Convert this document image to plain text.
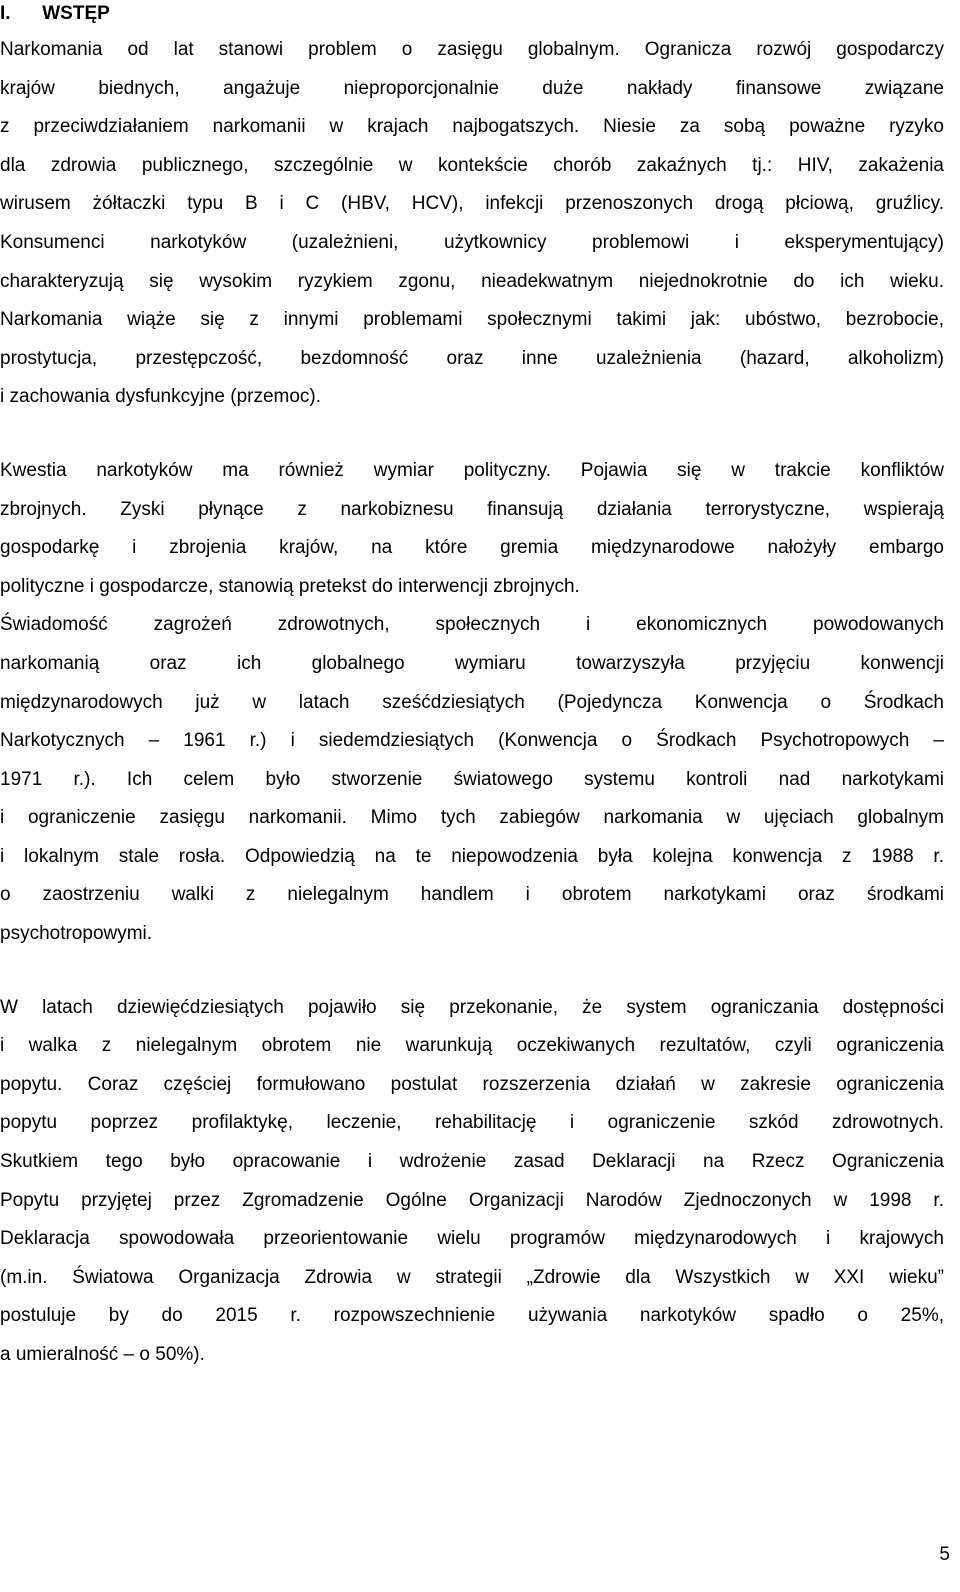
I.	WSTĘP
Narkomania od lat stanowi problem o zasięgu globalnym. Ogranicza rozwój gospodarczy
krajów biednych, angażuje nieproporcjonalnie duże nakłady finansowe związane
z przeciwdziałaniem narkomanii w krajach najbogatszych. Niesie za sobą poważne ryzyko
dla zdrowia publicznego, szczególnie w kontekście chorób zakaźnych tj.: HIV, zakażenia
wirusem żółtaczki typu B i C (HBV, HCV), infekcji przenoszonych drogą płciową, gruźlicy.
Konsumenci narkotyków (uzależnieni, użytkownicy problemowi i eksperymentujący)
charakteryzują się wysokim ryzykiem zgonu, nieadekwatnym niejednokrotnie do ich wieku.
Narkomania wiąże się z innymi problemami społecznymi takimi jak: ubóstwo, bezrobocie,
prostytucja, przestępczość, bezdomność oraz inne uzależnienia (hazard, alkoholizm)
i zachowania dysfunkcyjne (przemoc).
Kwestia narkotyków ma również wymiar polityczny. Pojawia się w trakcie konfliktów
zbrojnych. Zyski płynące z narkobiznesu finansują działania terrorystyczne, wspierają
gospodarkę i zbrojenia krajów, na które gremia międzynarodowe nałożyły embargo
polityczne i gospodarcze, stanowią pretekst do interwencji zbrojnych.
Świadomość zagrożeń zdrowotnych, społecznych i ekonomicznych powodowanych
narkomanią oraz ich globalnego wymiaru towarzyszyła przyjęciu konwencji
międzynarodowych już w latach sześćdziesiątych (Pojedyncza Konwencja o Środkach
Narkotycznych – 1961 r.) i siedemdziesiątych (Konwencja o Środkach Psychotropowych –
1971 r.). Ich celem było stworzenie światowego systemu kontroli nad narkotykami
i ograniczenie zasięgu narkomanii. Mimo tych zabiegów narkomania w ujęciach globalnym
i lokalnym stale rosła. Odpowiedzią na te niepowodzenia była kolejna konwencja z 1988 r.
o zaostrzeniu walki z nielegalnym handlem i obrotem narkotykami oraz środkami
psychotropowymi.
W latach dziewięćdziesiątych pojawiło się przekonanie, że system ograniczania dostępności
i walka z nielegalnym obrotem nie warunkują oczekiwanych rezultatów, czyli ograniczenia
popytu. Coraz częściej formułowano postulat rozszerzenia działań w zakresie ograniczenia
popytu poprzez profilaktykę, leczenie, rehabilitację i ograniczenie szkód zdrowotnych.
Skutkiem tego było opracowanie i wdrożenie zasad Deklaracji na Rzecz Ograniczenia
Popytu przyjętej przez Zgromadzenie Ogólne Organizacji Narodów Zjednoczonych w 1998 r.
Deklaracja spowodowała przeorientowanie wielu programów międzynarodowych i krajowych
(m.in. Światowa Organizacja Zdrowia w strategii „Zdrowie dla Wszystkich w XXI wieku”
postuluje by do 2015 r. rozpowszechnienie używania narkotyków spadło o 25%,
a umieralność – o 50%).
5
